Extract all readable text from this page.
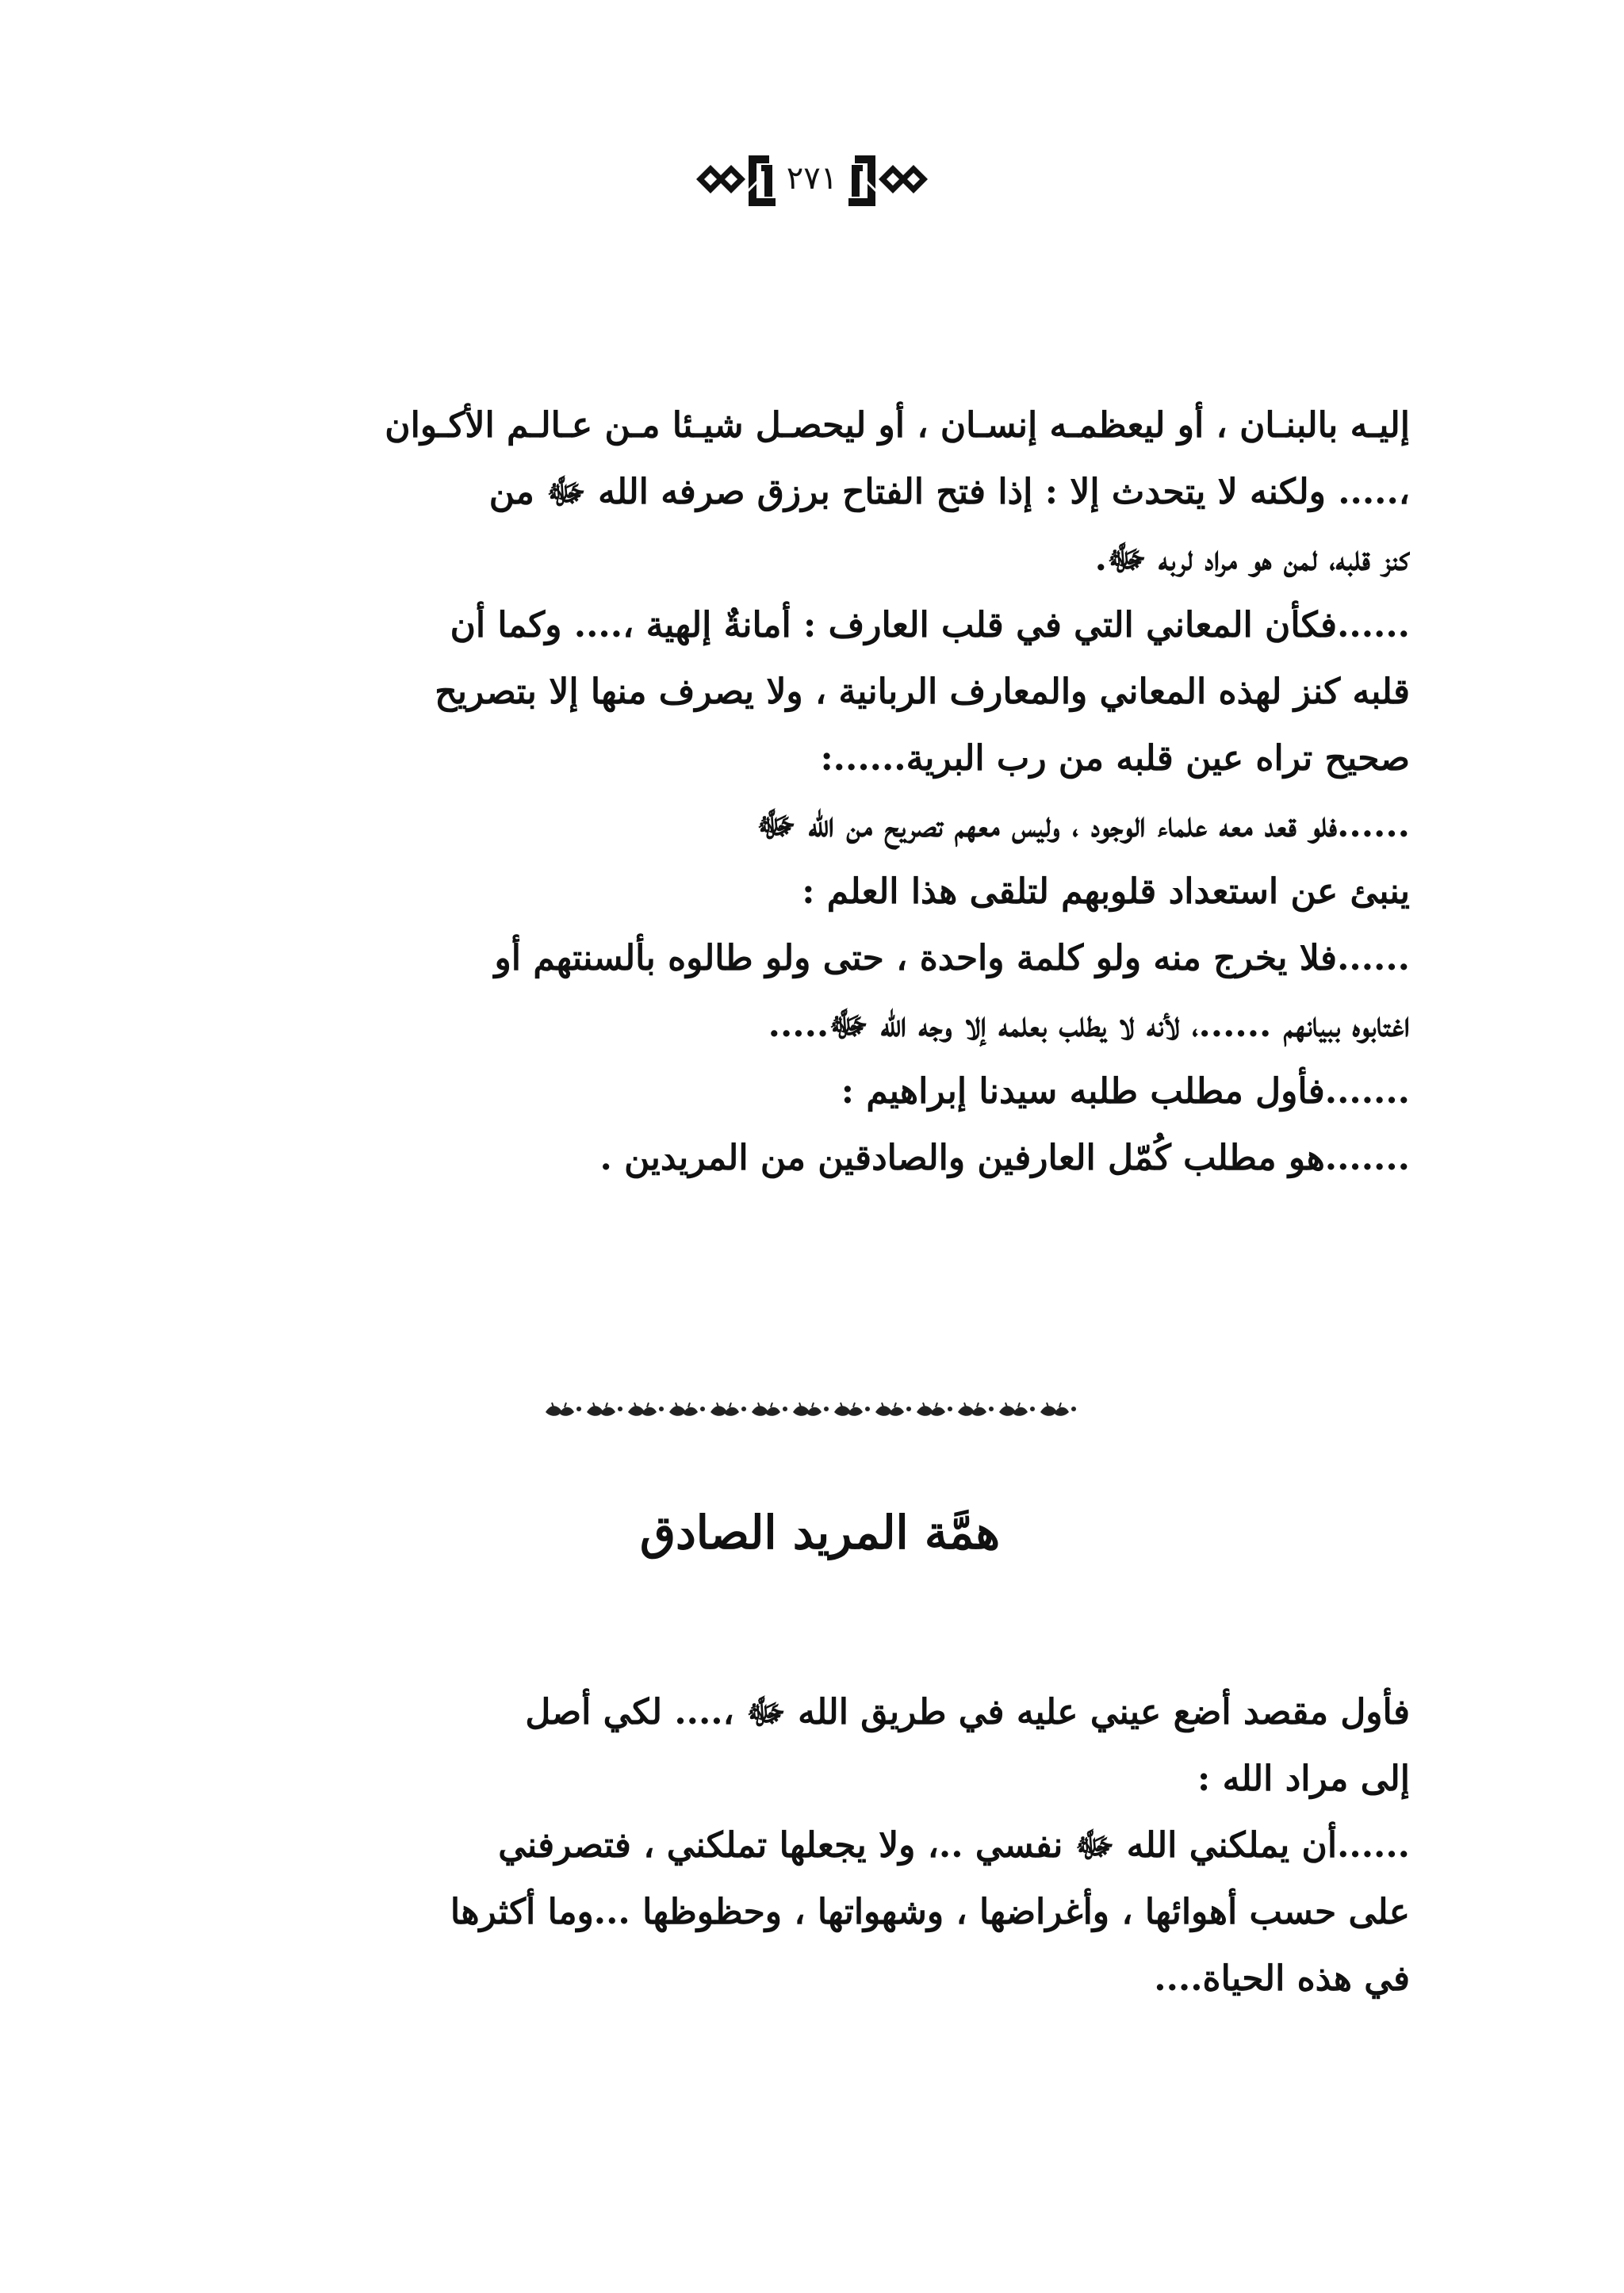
٢٧١
إليـه بالبنـان ، أو ليعظمـه إنسـان ، أو ليحصـل شيـئا مـن عـالـم الأكـوان
،..... ولكنه لا يتحدث إلا : إذا فتح الفتاح برزق صرفه الله ﷻ من
كنز قلبه، لمن هو مراد لربه ﷻ.
......فكأن المعاني التي في قلب العارف : أمانةٌ إلهية ،.... وكما أن
قلبه كنز لهذه المعاني والمعارف الربانية ، ولا يصرف منها إلا بتصريح
صحيح تراه عين قلبه من رب البرية......:
......فلو قعد معه علماء الوجود ، وليس معهم تصريح من الله ﷻ
ينبئ عن استعداد قلوبهم لتلقى هذا العلم :
......فلا يخرج منه ولو كلمة واحدة ، حتى ولو طالوه بألسنتهم أو
اغتابوه ببيانهم ......، لأنه لا يطلب بعلمه إلا وجه الله ﷻ.....
.......فأول مطلب طلبه سيدنا إبراهيم :
.......هو مطلب كُمّل العارفين والصادقين من المريدين .
همَّة المريد الصادق
فأول مقصد أضع عيني عليه في طريق الله ﷻ ،.... لكي أصل
إلى مراد الله :
......أن يملكني الله ﷻ نفسي ..، ولا يجعلها تملكني ، فتصرفني
على حسب أهوائها ، وأغراضها ، وشهواتها ، وحظوظها ...وما أكثرها
في هذه الحياة....
